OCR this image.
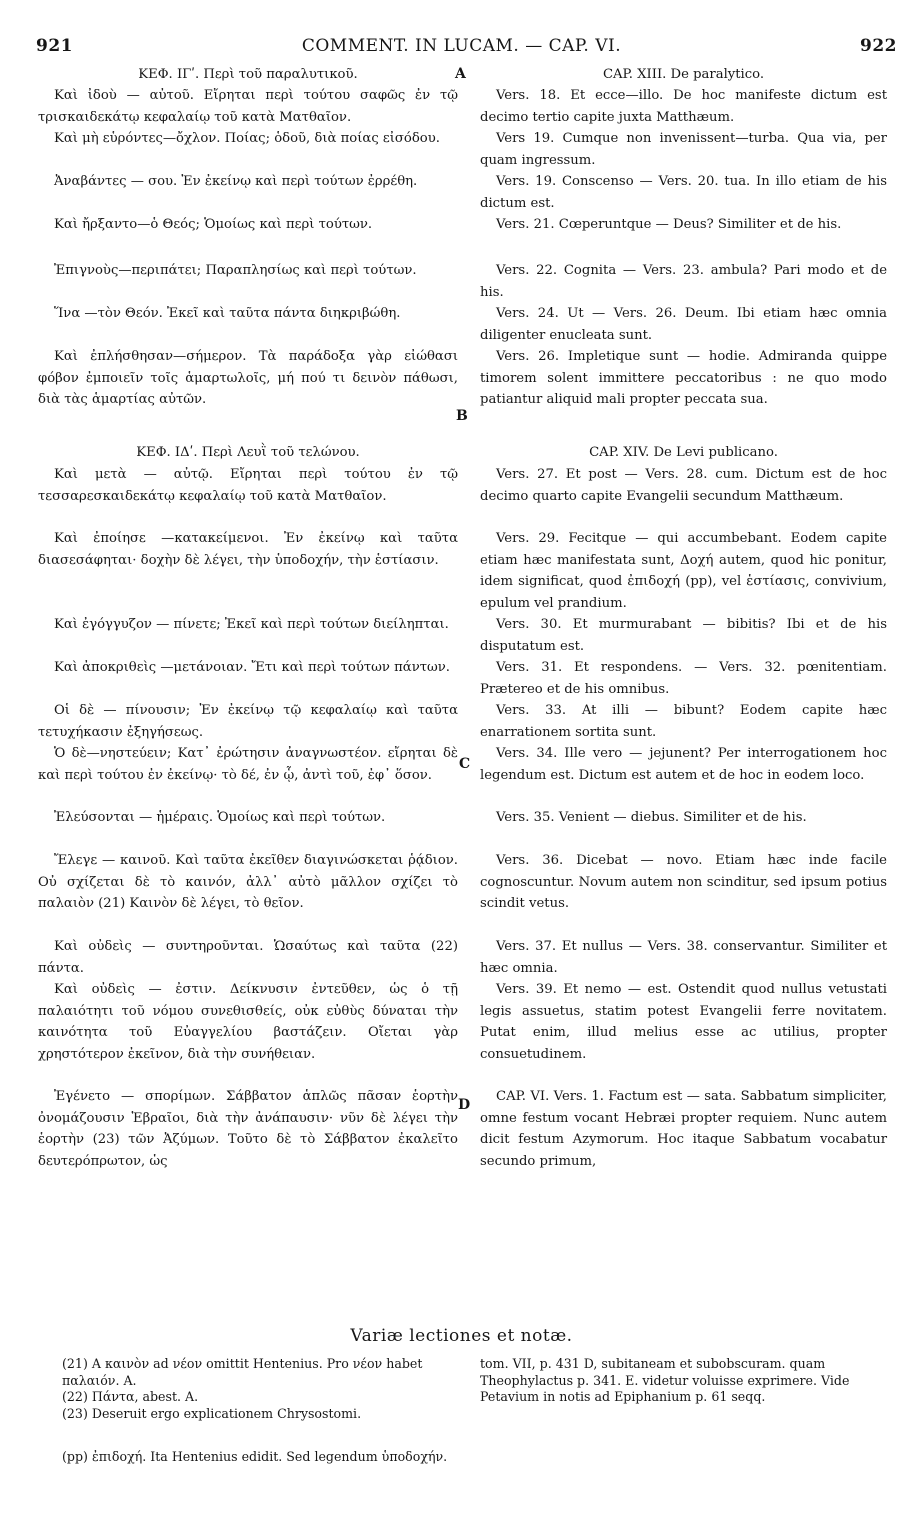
921	COMMENT. IN LUCAM. — CAP. VI.	922
ΚΕΦ. ΙΓʹ. Περὶ τοῦ παραλυτικοῦ.
Καὶ ἰδοὺ — αὐτοῦ. Εἴρηται περὶ τούτου σαφῶς ἐν τῷ τρισκαιδεκάτῳ κεφαλαίῳ τοῦ κατὰ Ματθαῖον.
Καὶ μὴ εὑρόντες—ὄχλον. Ποίας; ὁδοῦ, διὰ ποίας εἰσόδου.
Ἀναβάντες — σου. Ἐν ἐκείνῳ καὶ περὶ τούτων ἐρρέθη.
Καὶ ἤρξαντο—ὁ Θεός; Ὁμοίως καὶ περὶ τούτων.
Ἐπιγνοὺς—περιπάτει; Παραπλησίως καὶ περὶ τούτων.
Ἵνα —τὸν Θεόν. Ἐκεῖ καὶ ταῦτα πάντα διηκριβώθη.
Καὶ ἐπλήσθησαν—σήμερον. Τὰ παράδοξα γὰρ εἰώθασι φόβον ἐμποιεῖν τοῖς ἁμαρτωλοῖς, μή πού τι δεινὸν πάθωσι, διὰ τὰς ἁμαρτίας αὐτῶν.
ΚΕΦ. ΙΔʹ. Περὶ Λευῒ τοῦ τελώνου.
Καὶ μετὰ — αὐτῷ. Εἴρηται περὶ τούτου ἐν τῷ τεσσαρεσκαιδεκάτῳ κεφαλαίῳ τοῦ κατὰ Ματθαῖον.
Καὶ ἐποίησε —κατακείμενοι. Ἐν ἐκείνῳ καὶ ταῦτα διασεσάφηται· δοχὴν δὲ λέγει, τὴν ὑποδοχήν, τὴν ἑστίασιν.
Καὶ ἐγόγγυζον — πίνετε; Ἐκεῖ καὶ περὶ τούτων διείληπται.
Καὶ ἀποκριθεὶς —μετάνοιαν. Ἔτι καὶ περὶ τούτων πάντων.
Οἱ δὲ — πίνουσιν; Ἐν ἐκείνῳ τῷ κεφαλαίῳ καὶ ταῦτα τετυχήκασιν ἐξηγήσεως.
Ὁ δὲ—νηστεύειν; Κατ᾽ ἐρώτησιν ἀναγνωστέον. εἴρηται δὲ καὶ περὶ τούτου ἐν ἐκείνῳ· τὸ δέ, ἐν ᾧ, ἀντὶ τοῦ, ἐφ᾽ ὅσον.
Ἐλεύσονται — ἡμέραις. Ὁμοίως καὶ περὶ τούτων.
Ἔλεγε — καινοῦ. Καὶ ταῦτα ἐκεῖθεν διαγινώσκεται ῥᾴδιον. Οὐ σχίζεται δὲ τὸ καινόν, ἀλλ᾽ αὐτὸ μᾶλλον σχίζει τὸ παλαιὸν (21) Καινὸν δὲ λέγει, τὸ θεῖον.
Καὶ οὐδεὶς — συντηροῦνται. Ὡσαύτως καὶ ταῦτα (22) πάντα.
Καὶ οὐδεὶς — ἐστιν. Δείκνυσιν ἐντεῦθεν, ὡς ὁ τῇ παλαιότητι τοῦ νόμου συνεθισθείς, οὐκ εὐθὺς δύναται τὴν καινότητα τοῦ Εὐαγγελίου βαστάζειν. Οἴεται γὰρ χρηστότερον ἐκεῖνον, διὰ τὴν συνήθειαν.
Ἐγένετο — σπορίμων. Σάββατον ἁπλῶς πᾶσαν ἑορτὴν ὀνομάζουσιν Ἑβραῖοι, διὰ τὴν ἀνάπαυσιν· νῦν δὲ λέγει τὴν ἑορτὴν (23) τῶν Ἀζύμων. Τοῦτο δὲ τὸ Σάββατον ἐκαλεῖτο δευτερόπρωτον, ὡς
CAP. XIII. De paralytico.
Vers. 18. Et ecce—illo. De hoc manifeste dictum est decimo tertio capite juxta Matthæum.
Vers 19. Cumque non invenissent—turba. Qua via, per quam ingressum.
Vers. 19. Conscenso — Vers. 20. tua. In illo etiam de his dictum est.
Vers. 21. Cœperuntque — Deus? Similiter et de his.
Vers. 22. Cognita — Vers. 23. ambula? Pari modo et de his.
Vers. 24. Ut — Vers. 26. Deum. Ibi etiam hæc omnia diligenter enucleata sunt.
Vers. 26. Impletique sunt — hodie. Admiranda quippe timorem solent immittere peccatoribus : ne quo modo patiantur aliquid mali propter peccata sua.
CAP. XIV. De Levi publicano.
Vers. 27. Et post — Vers. 28. cum. Dictum est de hoc decimo quarto capite Evangelii secundum Matthæum.
Vers. 29. Fecitque — qui accumbebant. Eodem capite etiam hæc manifestata sunt, Δοχή autem, quod hic ponitur, idem significat, quod ἐπιδοχή (pp), vel ἑστίασις, convivium, epulum vel prandium.
Vers. 30. Et murmurabant — bibitis? Ibi et de his disputatum est.
Vers. 31. Et respondens. — Vers. 32. pœnitentiam. Prætereo et de his omnibus.
Vers. 33. At illi — bibunt? Eodem capite hæc enarrationem sortita sunt.
Vers. 34. Ille vero — jejunent? Per interrogationem hoc legendum est. Dictum est autem et de hoc in eodem loco.
Vers. 35. Venient — diebus. Similiter et de his.
Vers. 36. Dicebat — novo. Etiam hæc inde facile cognoscuntur. Novum autem non scinditur, sed ipsum potius scindit vetus.
Vers. 37. Et nullus — Vers. 38. conservantur. Similiter et hæc omnia.
Vers. 39. Et nemo — est. Ostendit quod nullus vetustati legis assuetus, statim potest Evangelii ferre novitatem. Putat enim, illud melius esse ac utilius, propter consuetudinem.
CAP. VI. Vers. 1. Factum est — sata. Sabbatum simpliciter, omne festum vocant Hebræi propter requiem. Nunc autem dicit festum Azymorum. Hoc itaque Sabbatum vocabatur secundo primum,
A
B
C
D
Variæ lectiones et notæ.

(21) A καινὸν ad νέον omittit Hentenius. Pro νέον habet παλαιόν. A.

(22) Πάντα, abest. A.

(23) Deseruit ergo explicationem Chrysostomi.

tom. VII, p. 431 D, subitaneam et subobscuram. quam Theophylactus p. 341. E. videtur voluisse exprimere. Vide Petavium in notis ad Epiphanium p. 61 seqq.

(pp) ἐπιδοχή. Ita Hentenius edidit. Sed legendum ὑποδοχήν.
